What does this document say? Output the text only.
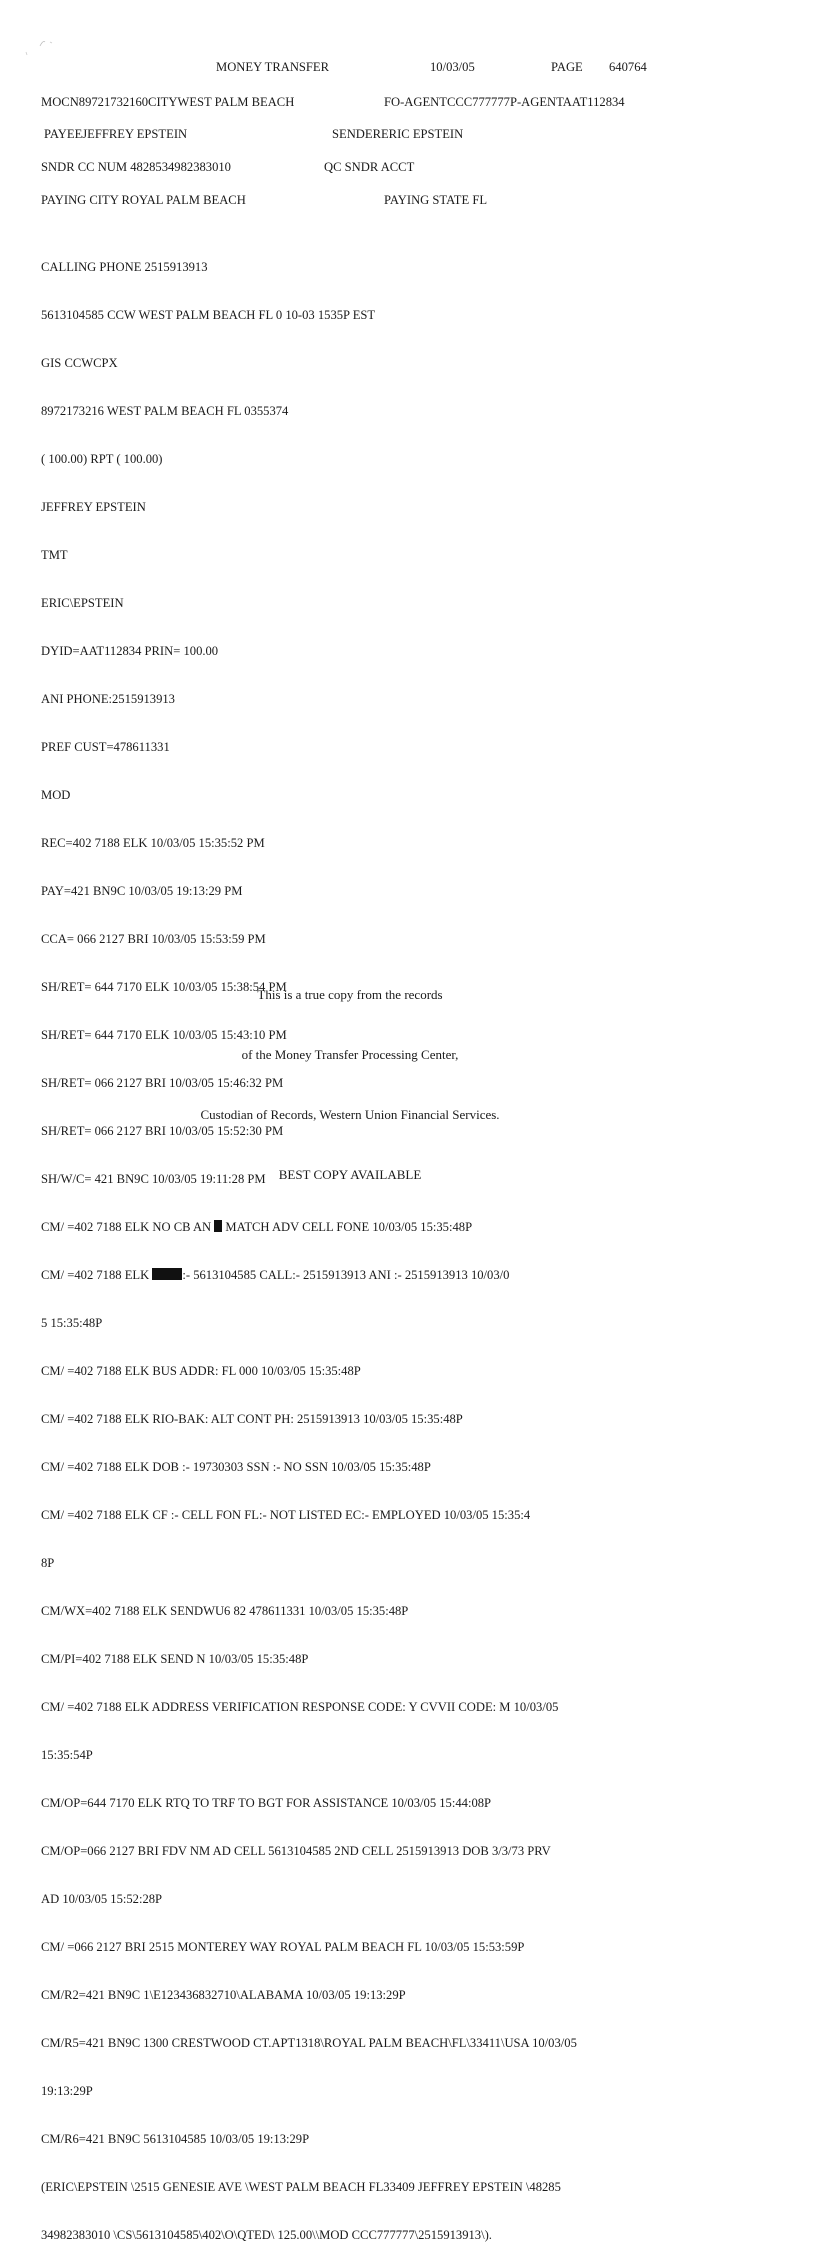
MONEY TRANSFER	10/03/05	PAGE 640764
MOCN89721732160CITYWEST PALM BEACH	FO-AGENTCCC777777P-AGENTAAT112834
PAYEEJEFFREY EPSTEIN	SENDERERIC EPSTEIN
SNDR CC NUM 4828534982383010	QC SNDR ACCT
PAYING CITY ROYAL PALM BEACH	PAYING STATE FL

CALLING PHONE 2515913913

5613104585 CCW WEST PALM BEACH FL 0 10-03 1535P EST

GIS CCWCPX

8972173216 WEST PALM BEACH FL 0355374

( 100.00) RPT ( 100.00)

JEFFREY EPSTEIN

TMT

ERIC\EPSTEIN

DYID=AAT112834 PRIN= 100.00

ANI PHONE:2515913913

PREF CUST=478611331

MOD

REC=402 7188 ELK 10/03/05 15:35:52 PM

PAY=421 BN9C 10/03/05 19:13:29 PM

CCA= 066 2127 BRI 10/03/05 15:53:59 PM

SH/RET= 644 7170 ELK 10/03/05 15:38:54 PM

SH/RET= 644 7170 ELK 10/03/05 15:43:10 PM

SH/RET= 066 2127 BRI 10/03/05 15:46:32 PM

SH/RET= 066 2127 BRI 10/03/05 15:52:30 PM

SH/W/C= 421 BN9C 10/03/05 19:11:28 PM

CM/ =402 7188 ELK NO CB AN  MATCH ADV CELL FONE 10/03/05 15:35:48P

CM/ =402 7188 ELK :- 5613104585 CALL:- 2515913913 ANI :- 2515913913 10/03/0

5 15:35:48P

CM/ =402 7188 ELK BUS ADDR: FL 000 10/03/05 15:35:48P

CM/ =402 7188 ELK RIO-BAK: ALT CONT PH: 2515913913 10/03/05 15:35:48P

CM/ =402 7188 ELK DOB :- 19730303 SSN :- NO SSN 10/03/05 15:35:48P

CM/ =402 7188 ELK CF :- CELL FON FL:- NOT LISTED EC:- EMPLOYED 10/03/05 15:35:4

8P

CM/WX=402 7188 ELK SENDWU6 82 478611331 10/03/05 15:35:48P

CM/PI=402 7188 ELK SEND N 10/03/05 15:35:48P

CM/ =402 7188 ELK ADDRESS VERIFICATION RESPONSE CODE: Y CVVII CODE: M 10/03/05

15:35:54P

CM/OP=644 7170 ELK RTQ TO TRF TO BGT FOR ASSISTANCE 10/03/05 15:44:08P

CM/OP=066 2127 BRI FDV NM AD CELL 5613104585 2ND CELL 2515913913 DOB 3/3/73 PRV

AD 10/03/05 15:52:28P

CM/ =066 2127 BRI 2515 MONTEREY WAY ROYAL PALM BEACH FL 10/03/05 15:53:59P

CM/R2=421 BN9C 1\E123436832710\ALABAMA 10/03/05 19:13:29P

CM/R5=421 BN9C 1300 CRESTWOOD CT.APT1318\ROYAL PALM BEACH\FL\33411\USA 10/03/05

19:13:29P

CM/R6=421 BN9C 5613104585 10/03/05 19:13:29P

(ERIC\EPSTEIN \2515 GENESIE AVE \WEST PALM BEACH FL33409 JEFFREY EPSTEIN \48285

34982383010 \CS\5613104585\402\O\QTED\ 125.00\\MOD CCC777777\2515913913\).

This is a true copy from the records

of the Money Transfer Processing Center,

Custodian of Records, Western Union Financial Services.

BEST COPY AVAILABLE
